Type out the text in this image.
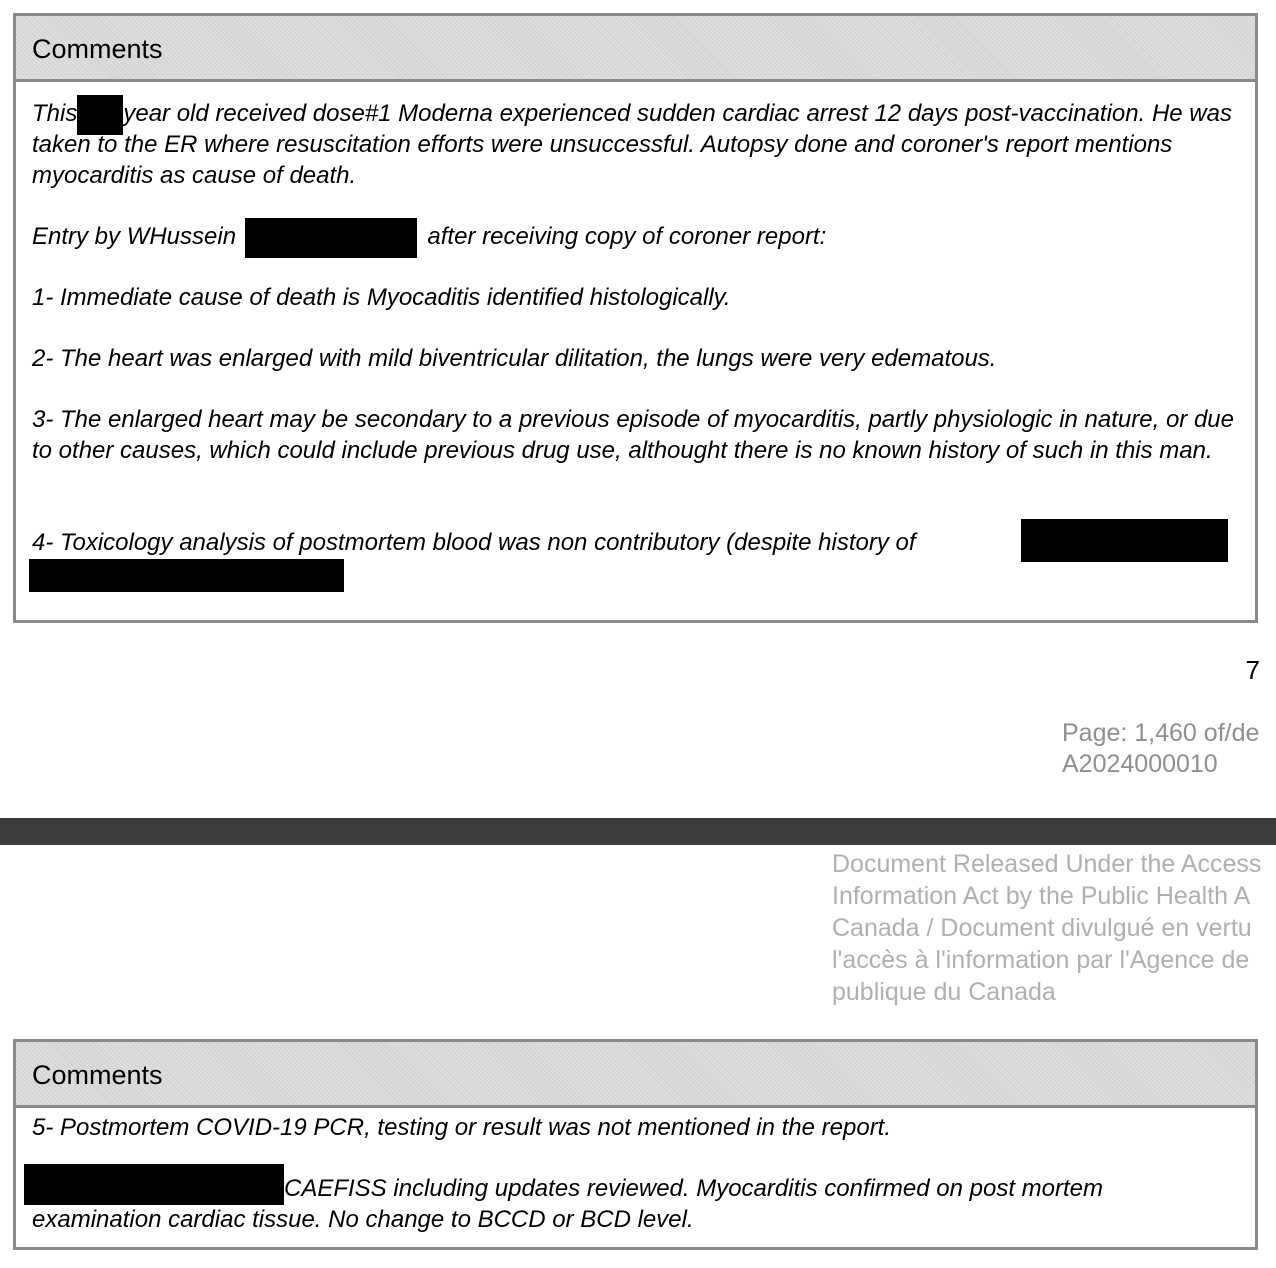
Comments

This year old received dose#1 Moderna experienced sudden cardiac arrest 12 days post-vaccination. He was taken to the ER where resuscitation efforts were unsuccessful. Autopsy done and coroner's report mentions myocarditis as cause of death.

Entry by WHussein	after receiving copy of coroner report:

1- Immediate cause of death is Myocaditis identified histologically.

2- The heart was enlarged with mild biventricular dilitation, the lungs were very edematous.

3- The enlarged heart may be secondary to a previous episode of myocarditis, partly physiologic in nature, or due to other causes, which could include previous drug use, althought there is no known history of such in this man.

4- Toxicology analysis of postmortem blood was non contributory (despite history of

7
Page: 1,460 of/de
A2024000010
Document Released Under the Access
Information Act by the Public Health A
Canada / Document divulgué en vertu
l'accès à l'information par l'Agence de
publique du Canada
Comments

5- Postmortem COVID-19 PCR, testing or result was not mentioned in the report.

CAEFISS including updates reviewed. Myocarditis confirmed on post mortem examination cardiac tissue. No change to BCCD or BCD level.
